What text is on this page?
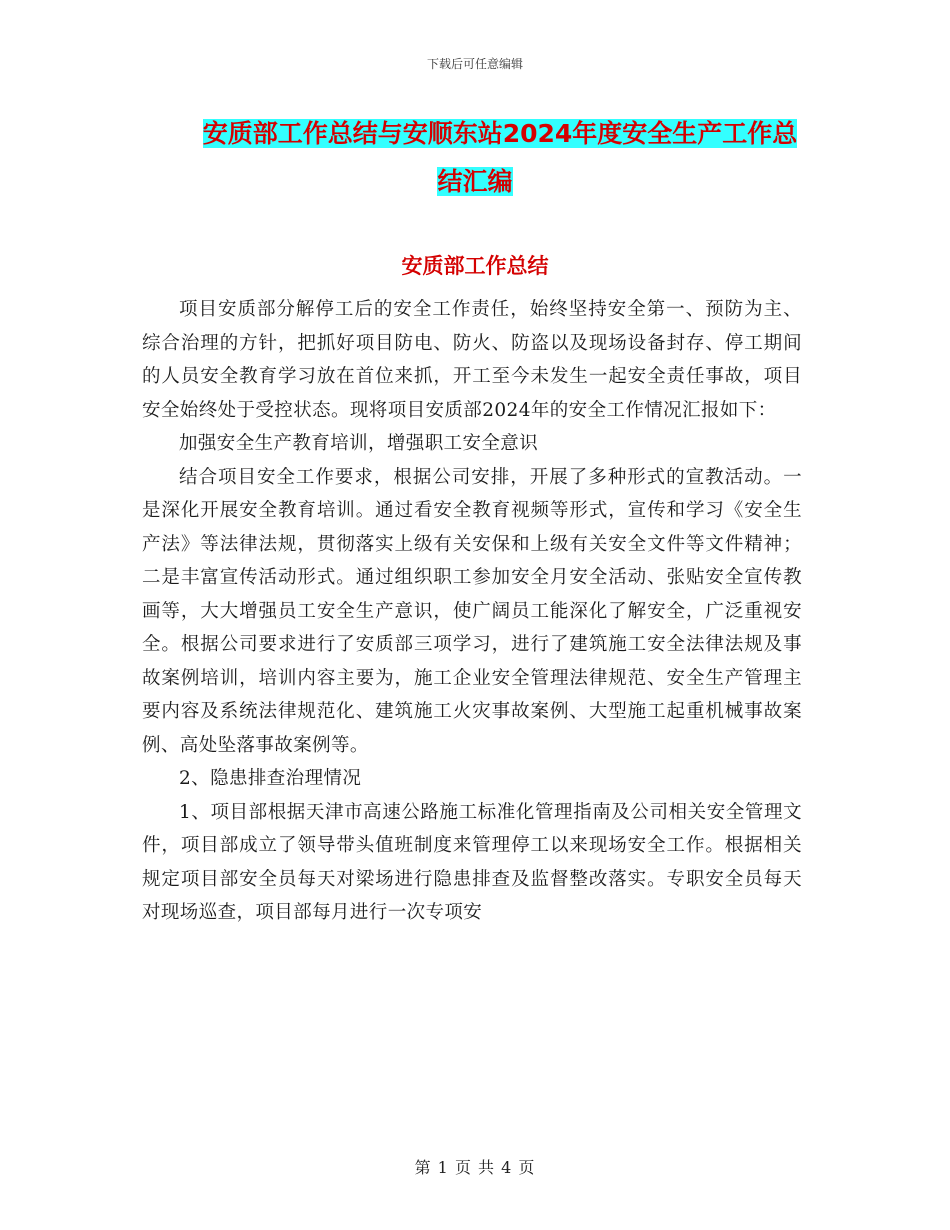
下载后可任意编辑
安质部工作总结与安顺东站2024年度安全生产工作总
结汇编
安质部工作总结

项目安质部分解停工后的安全工作责任，始终坚持安全第一、预防为主、综合治理的方针，把抓好项目防电、防火、防盗以及现场设备封存、停工期间的人员安全教育学习放在首位来抓，开工至今未发生一起安全责任事故，项目安全始终处于受控状态。现将项目安质部2024年的安全工作情况汇报如下：

加强安全生产教育培训，增强职工安全意识

结合项目安全工作要求，根据公司安排，开展了多种形式的宣教活动。一是深化开展安全教育培训。通过看安全教育视频等形式，宣传和学习《安全生产法》等法律法规，贯彻落实上级有关安保和上级有关安全文件等文件精神；二是丰富宣传活动形式。通过组织职工参加安全月安全活动、张贴安全宣传教画等，大大增强员工安全生产意识，使广阔员工能深化了解安全，广泛重视安全。根据公司要求进行了安质部三项学习，进行了建筑施工安全法律法规及事故案例培训，培训内容主要为，施工企业安全管理法律规范、安全生产管理主要内容及系统法律规范化、建筑施工火灾事故案例、大型施工起重机械事故案例、高处坠落事故案例等。

2、隐患排查治理情况

1、项目部根据天津市高速公路施工标准化管理指南及公司相关安全管理文件，项目部成立了领导带头值班制度来管理停工以来现场安全工作。根据相关规定项目部安全员每天对梁场进行隐患排查及监督整改落实。专职安全员每天对现场巡查，项目部每月进行一次专项安

第 1 页 共 4 页
